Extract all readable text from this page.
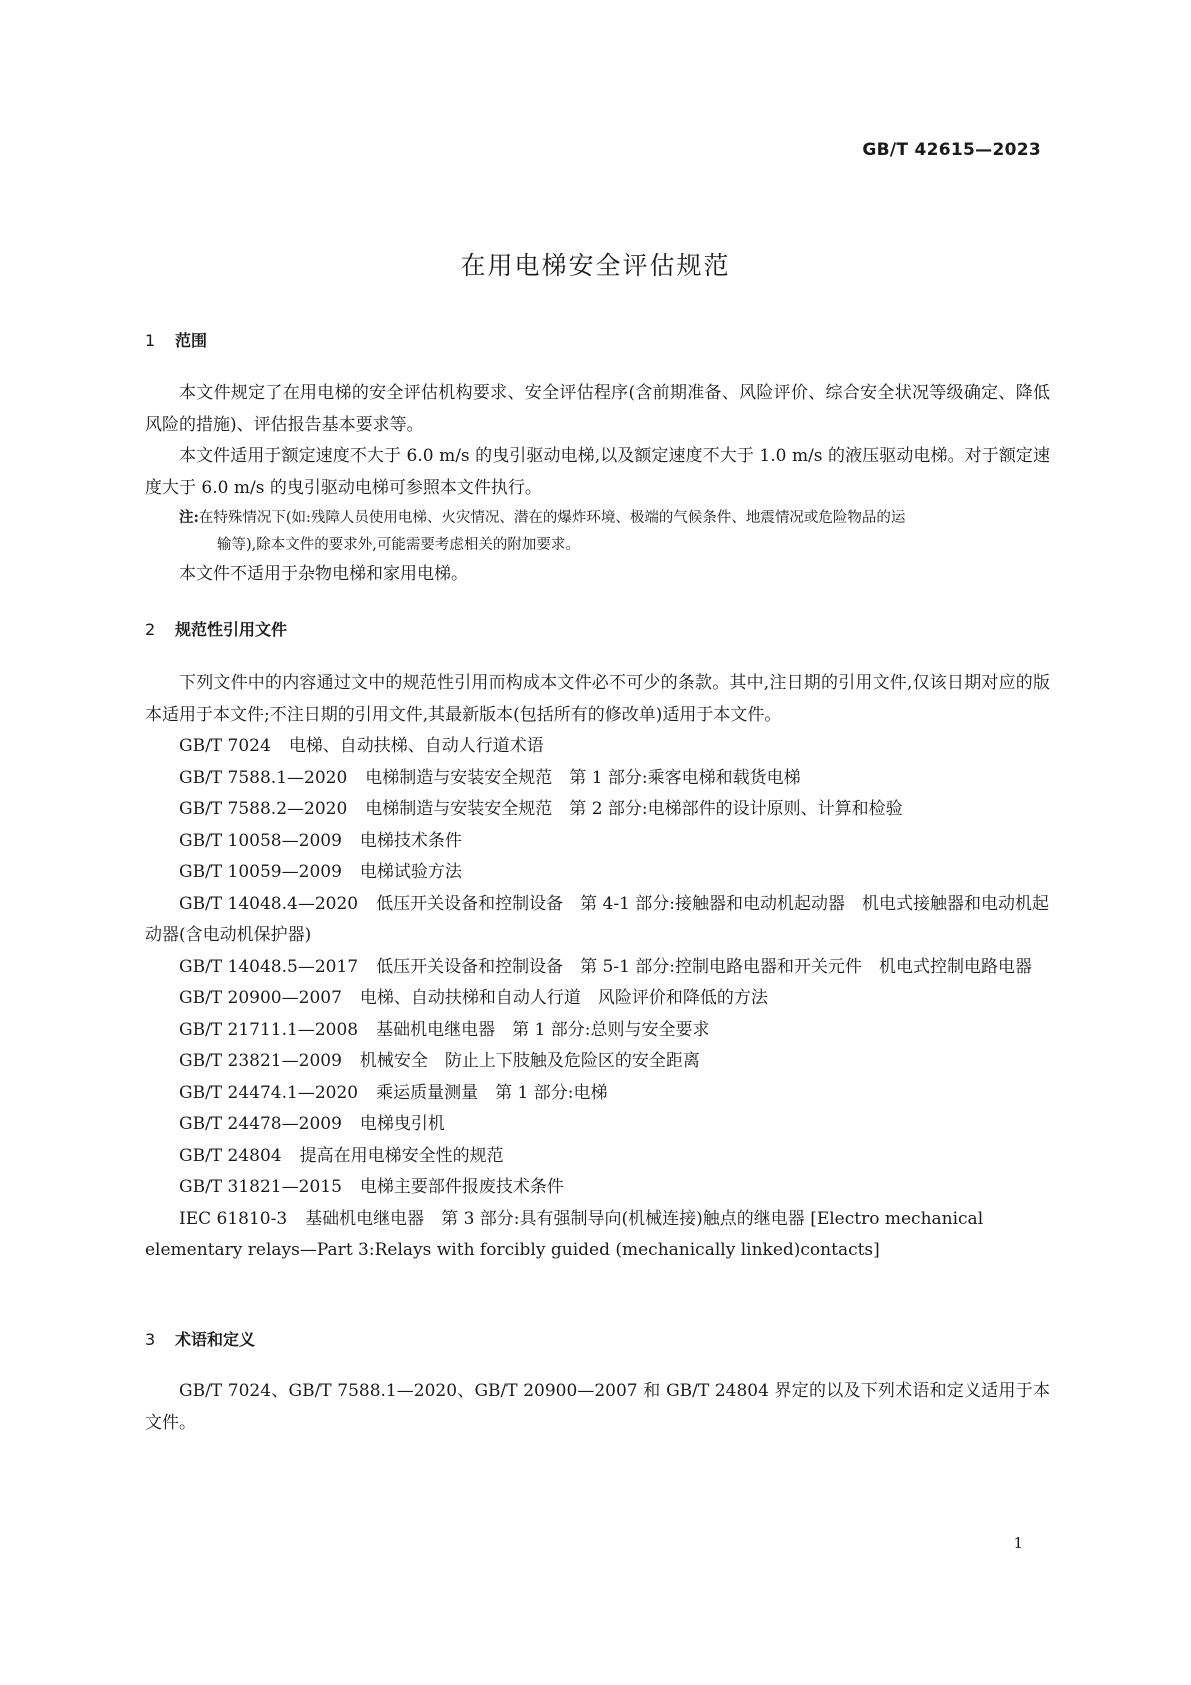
GB/T 42615—2023
在用电梯安全评估规范
1 范围

本文件规定了在用电梯的安全评估机构要求、安全评估程序(含前期准备、风险评价、综合安全状况等级确定、降低风险的措施)、评估报告基本要求等。

本文件适用于额定速度不大于 6.0 m/s 的曳引驱动电梯,以及额定速度不大于 1.0 m/s 的液压驱动电梯。对于额定速度大于 6.0 m/s 的曳引驱动电梯可参照本文件执行。

注:在特殊情况下(如:残障人员使用电梯、火灾情况、潜在的爆炸环境、极端的气候条件、地震情况或危险物品的运

输等),除本文件的要求外,可能需要考虑相关的附加要求。

本文件不适用于杂物电梯和家用电梯。

2 规范性引用文件

下列文件中的内容通过文中的规范性引用而构成本文件必不可少的条款。其中,注日期的引用文件,仅该日期对应的版本适用于本文件;不注日期的引用文件,其最新版本(包括所有的修改单)适用于本文件。

GB/T 7024 电梯、自动扶梯、自动人行道术语

GB/T 7588.1—2020 电梯制造与安装安全规范　第 1 部分:乘客电梯和载货电梯

GB/T 7588.2—2020 电梯制造与安装安全规范　第 2 部分:电梯部件的设计原则、计算和检验

GB/T 10058—2009 电梯技术条件

GB/T 10059—2009 电梯试验方法

GB/T 14048.4—2020 低压开关设备和控制设备　第 4-1 部分:接触器和电动机起动器　机电式接触器和电动机起动器(含电动机保护器)

GB/T 14048.5—2017 低压开关设备和控制设备　第 5-1 部分:控制电路电器和开关元件　机电式控制电路电器

GB/T 20900—2007 电梯、自动扶梯和自动人行道　风险评价和降低的方法

GB/T 21711.1—2008 基础机电继电器　第 1 部分:总则与安全要求

GB/T 23821—2009 机械安全　防止上下肢触及危险区的安全距离

GB/T 24474.1—2020 乘运质量测量　第 1 部分:电梯

GB/T 24478—2009 电梯曳引机

GB/T 24804 提高在用电梯安全性的规范

GB/T 31821—2015 电梯主要部件报废技术条件

IEC 61810-3 基础机电继电器　第 3 部分:具有强制导向(机械连接)触点的继电器 [Electro mechanical elementary relays—Part 3:Relays with forcibly guided (mechanically linked)contacts]

3 术语和定义

GB/T 7024、GB/T 7588.1—2020、GB/T 20900—2007 和 GB/T 24804 界定的以及下列术语和定义适用于本文件。

1
